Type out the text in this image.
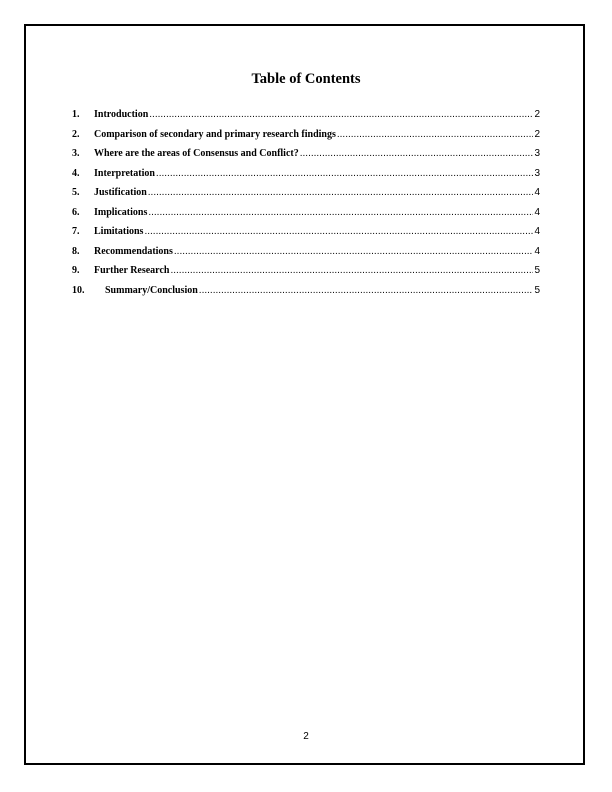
Table of Contents
1.	Introduction .....	2
2.	Comparison of secondary and primary research findings .....	2
3.	Where are the areas of Consensus and Conflict? .....	3
4.	Interpretation .....	3
5.	Justification .....	4
6.	Implications .....	4
7.	Limitations .....	4
8.	Recommendations .....	4
9.	Further Research .....	5
10.	Summary/Conclusion .....	5
2
